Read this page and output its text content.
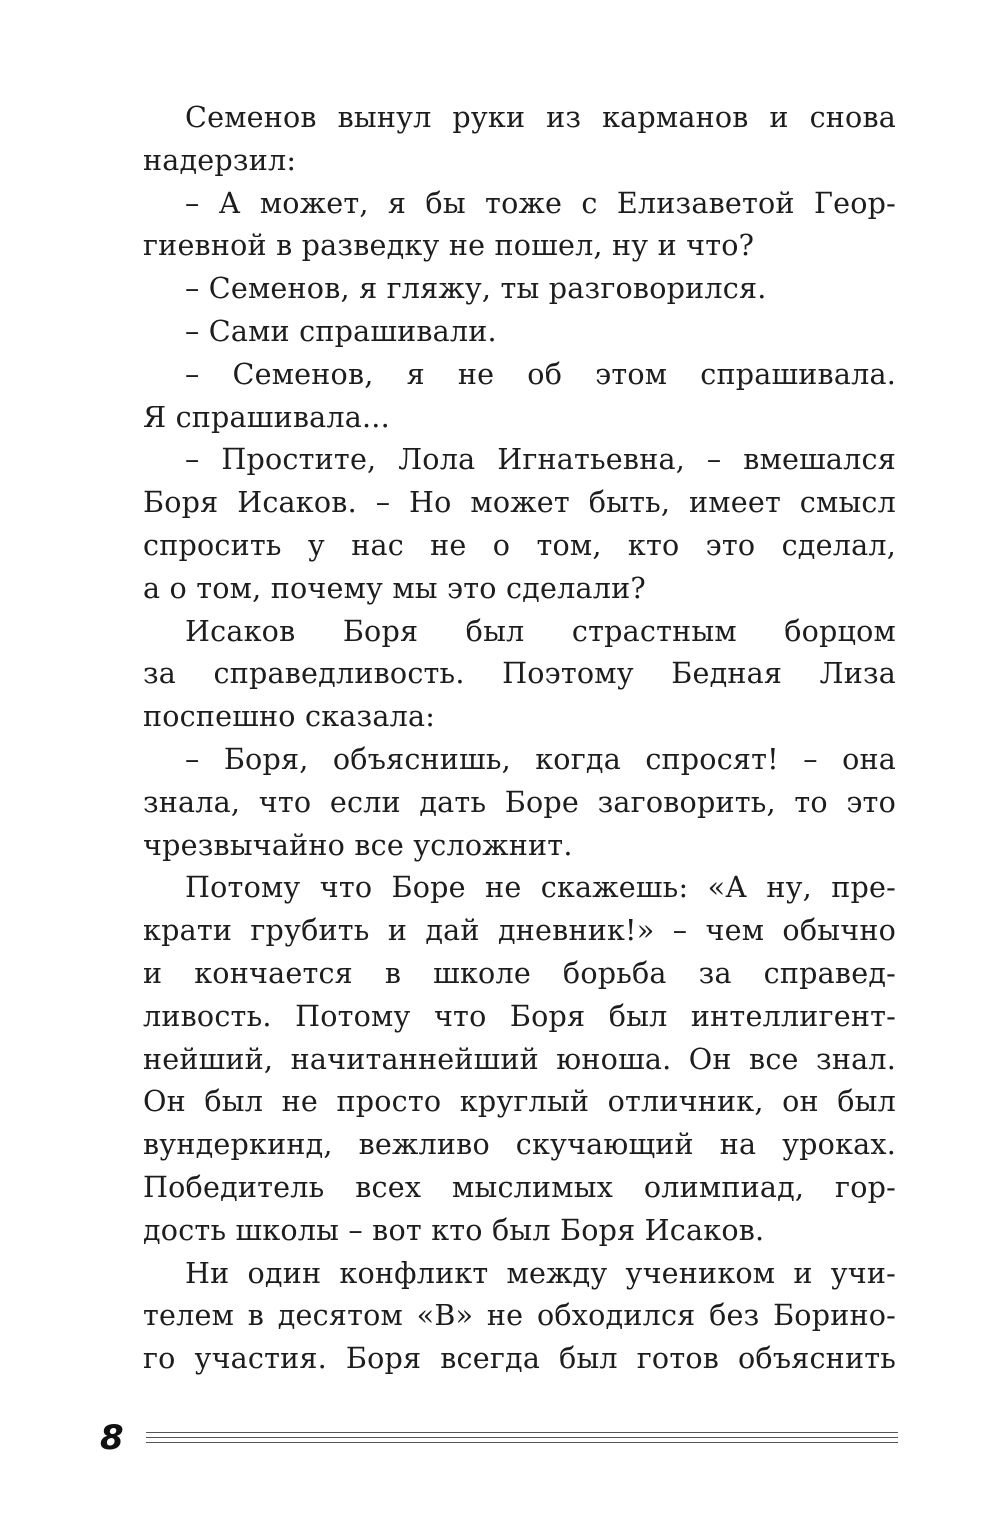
Семенов вынул руки из карманов и снова
надерзил:
– А может, я бы тоже с Елизаветой Геор-
гиевной в разведку не пошел, ну и что?
– Семенов, я гляжу, ты разговорился.
– Сами спрашивали.
– Семенов, я не об этом спрашивала.
Я спрашивала...
– Простите, Лола Игнатьевна, – вмешался
Боря Исаков. – Но может быть, имеет смысл
спросить у нас не о том, кто это сделал,
а о том, почему мы это сделали?
Исаков Боря был страстным борцом
за справедливость. Поэтому Бедная Лиза
поспешно сказала:
– Боря, объяснишь, когда спросят! – она
знала, что если дать Боре заговорить, то это
чрезвычайно все усложнит.
Потому что Боре не скажешь: «А ну, пре-
крати грубить и дай дневник!» – чем обычно
и кончается в школе борьба за справед-
ливость. Потому что Боря был интеллигент-
нейший, начитаннейший юноша. Он все знал.
Он был не просто круглый отличник, он был
вундеркинд, вежливо скучающий на уроках.
Победитель всех мыслимых олимпиад, гор-
дость школы – вот кто был Боря Исаков.
Ни один конфликт между учеником и учи-
телем в десятом «В» не обходился без Борино-
го участия. Боря всегда был готов объяснить
8
